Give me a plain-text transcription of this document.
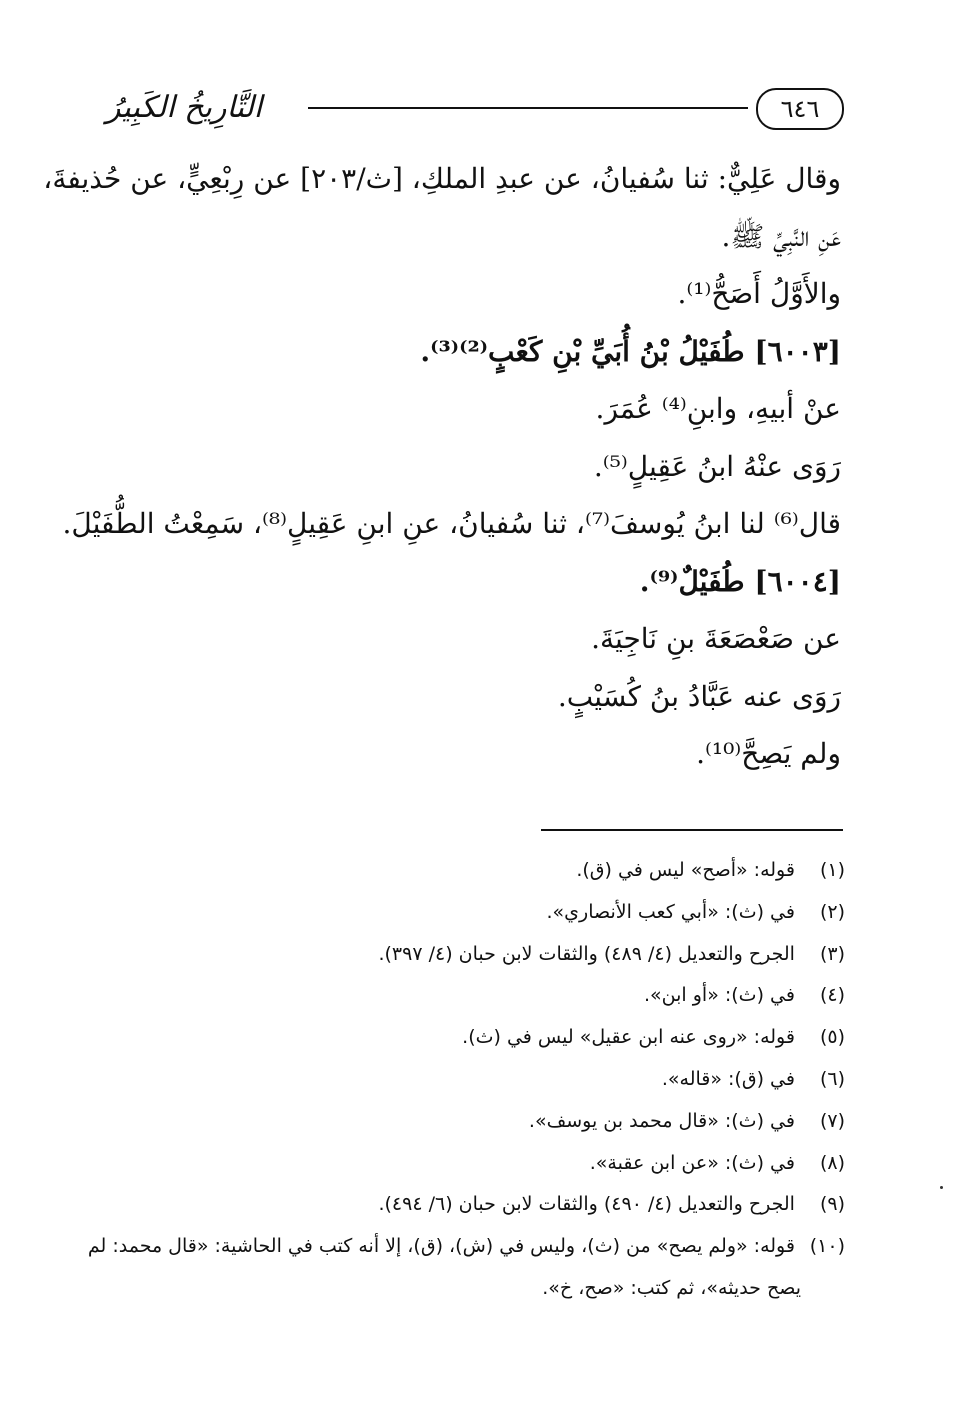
التَّارِيخُ الكَبِيرُ	٦٤٦
وقال عَلِيٌّ: ثنا سُفيانُ، عن عبدِ الملكِ، [ث/٢٠٣] عن رِبْعِيٍّ، عن حُذيفةَ،
عَنِ النَّبِيِّ ﷺ.
والأَوَّلُ أَصَحُّ⁽¹⁾.
[٦٠٠٣] طُفَيْلُ بْنُ أُبَيِّ بْنِ كَعْبٍ⁽²⁾⁽³⁾.
عنْ أبيهِ، وابنِ⁽⁴⁾ عُمَرَ.
رَوَى عنْهُ ابنُ عَقِيلٍ⁽⁵⁾.
قال⁽⁶⁾ لنا ابنُ يُوسفَ⁽⁷⁾، ثنا سُفيانُ، عنِ ابنِ عَقِيلٍ⁽⁸⁾، سَمِعْتُ الطُّفَيْلَ.
[٦٠٠٤] طُفَيْلٌ⁽⁹⁾.
عن صَعْصَعَةَ بنِ نَاجِيَةَ.
رَوَى عنه عَبَّادُ بنُ كُسَيْبٍ.
ولم يَصِحَّ⁽¹⁰⁾.
(١) قوله: «أصح» ليس في (ق).
(٢) في (ث): «أبي كعب الأنصاري».
(٣) الجرح والتعديل (٤/ ٤٨٩) والثقات لابن حبان (٤/ ٣٩٧).
(٤) في (ث): «أو ابن».
(٥) قوله: «روى عنه ابن عقيل» ليس في (ث).
(٦) في (ق): «قاله».
(٧) في (ث): «قال محمد بن يوسف».
(٨) في (ث): «عن ابن عقبة».
(٩) الجرح والتعديل (٤/ ٤٩٠) والثقات لابن حبان (٦/ ٤٩٤).
(١٠) قوله: «ولم يصح» من (ث)، وليس في (ش)، (ق)، إلا أنه كتب في الحاشية: «قال محمد: لم
يصح حديثه»، ثم كتب: «صح، خ».
